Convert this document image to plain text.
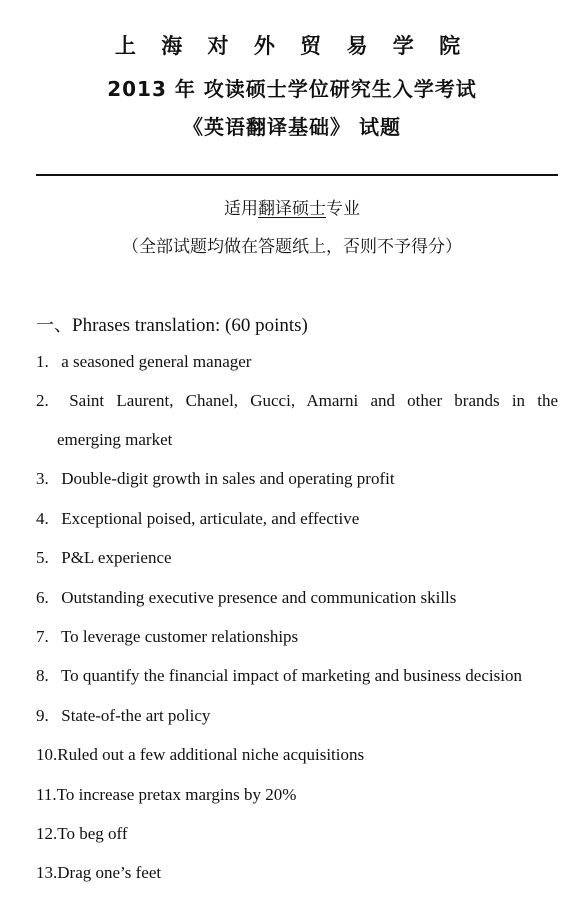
上 海 对 外 贸 易 学 院
2013 年 攻读硕士学位研究生入学考试
《英语翻译基础》 试题
适用翻译硕士专业
（全部试题均做在答题纸上，否则不予得分）
一、Phrases translation: (60 points)
1. a seasoned general manager
2. Saint Laurent, Chanel, Gucci, Amarni and other brands in the
emerging market
3. Double-digit growth in sales and operating profit
4. Exceptional poised, articulate, and effective
5. P&L experience
6. Outstanding executive presence and communication skills
7. To leverage customer relationships
8. To quantify the financial impact of marketing and business decision
9. State-of-the art policy
10.Ruled out a few additional niche acquisitions
11.To increase pretax margins by 20%
12.To beg off
13.Drag one’s feet
